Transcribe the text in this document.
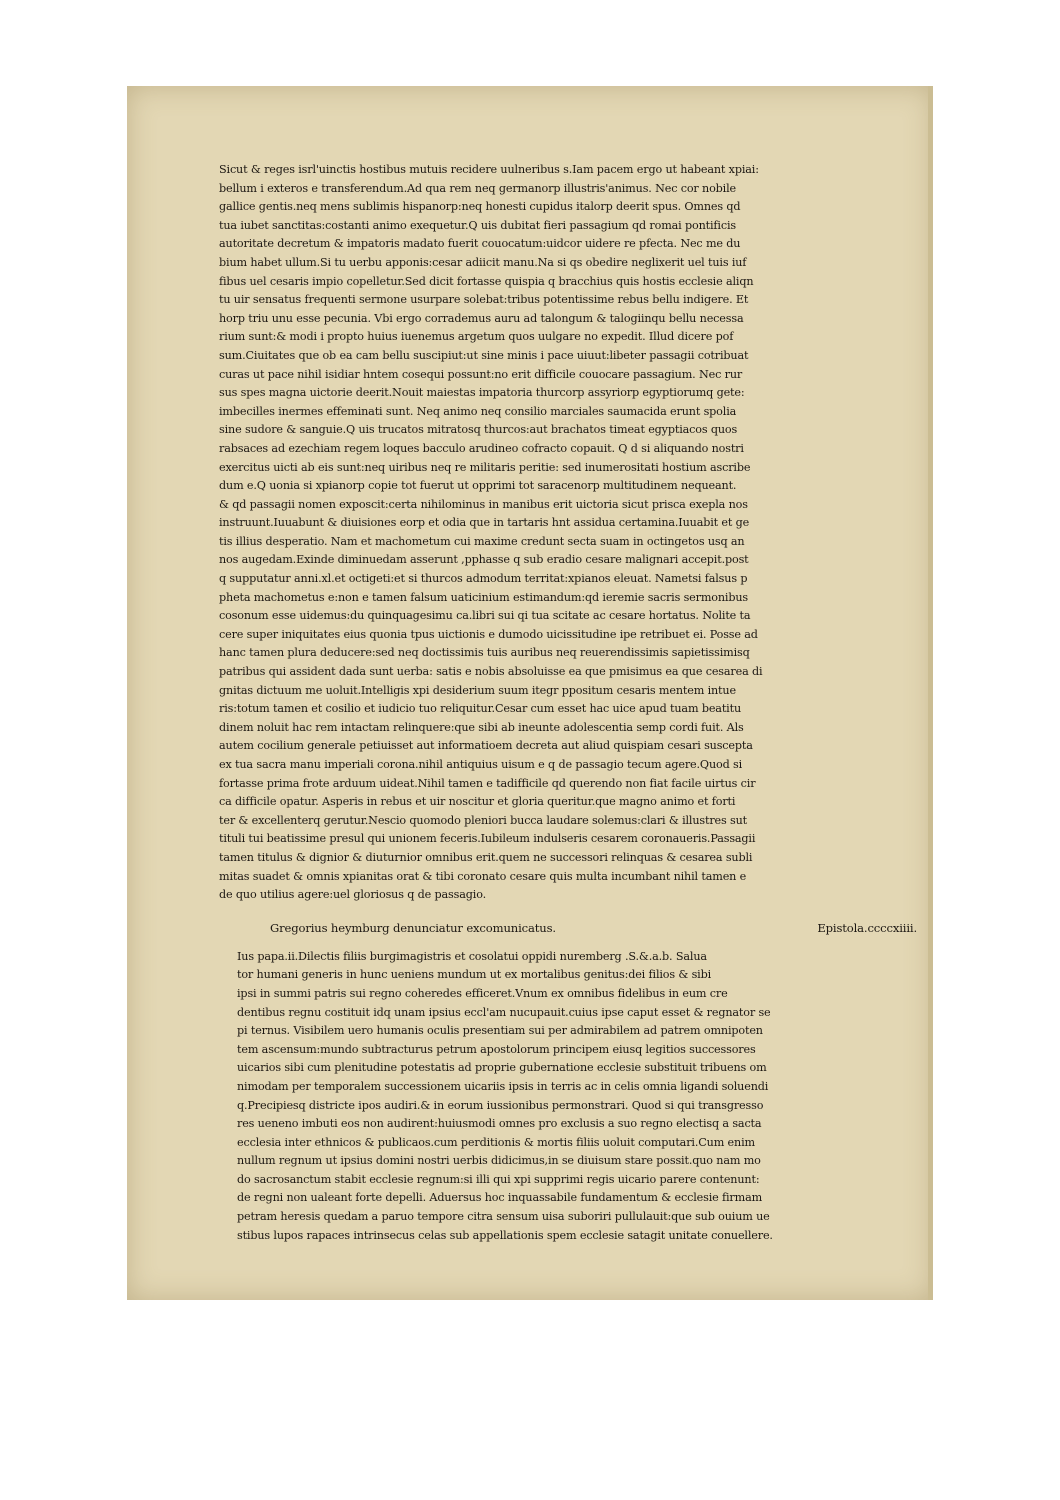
Sicut & reges isrl'uinctis hostibus mutuis recidere uulneribus s.Iam pacem ergo ut habeant xpiai:
bellum i exteros e transferendum.Ad qua rem neq germanorp illustris'animus. Nec cor nobile
gallice gentis.neq mens sublimis hispanorp:neq honesti cupidus italorp deerit spus. Omnes qd
tua iubet sanctitas:costanti animo exequetur.Q uis dubitat fieri passagium qd romai pontificis
autoritate decretum & impatoris madato fuerit couocatum:uidcor uidere re pfecta. Nec me du
bium habet ullum.Si tu uerbu apponis:cesar adiicit manu.Na si qs obedire neglixerit uel tuis iuf
fibus uel cesaris impio copelletur.Sed dicit fortasse quispia q bracchius quis hostis ecclesie aliqn
tu uir sensatus frequenti sermone usurpare solebat:tribus potentissime rebus bellu indigere. Et
horp triu unu esse pecunia. Vbi ergo corrademus auru ad talongum & talogiinqu bellu necessa
rium sunt:& modi i propto huius iuenemus argetum quos uulgare no expedit. Illud dicere pof
sum.Ciuitates que ob ea cam bellu suscipiut:ut sine minis i pace uiuut:libeter passagii cotribuat
curas ut pace nihil isidiar hntem cosequi possunt:no erit difficile couocare passagium. Nec rur
sus spes magna uictorie deerit.Nouit maiestas impatoria thurcorp assyriorp egyptiorumq gete:
imbecilles inermes effeminati sunt. Neq animo neq consilio marciales saumacida erunt spolia
sine sudore & sanguie.Q uis trucatos mitratosq thurcos:aut brachatos timeat egyptiacos quos
rabsaces ad ezechiam regem loques bacculo arudineo cofracto copauit. Q d si aliquando nostri
exercitus uicti ab eis sunt:neq uiribus neq re militaris peritie: sed inumerositati hostium ascribe
dum e.Q uonia si xpianorp copie tot fuerut ut opprimi tot saracenorp multitudinem nequeant.
& qd passagii nomen exposcit:certa nihilominus in manibus erit uictoria sicut prisca exepla nos
instruunt.Iuuabunt & diuisiones eorp et odia que in tartaris hnt assidua certamina.Iuuabit et ge
tis illius desperatio. Nam et machometum cui maxime credunt secta suam in octingetos usq an
nos augedam.Exinde diminuedam asserunt ,pphasse q sub eradio cesare malignari accepit.post
q supputatur anni.xl.et octigeti:et si thurcos admodum territat:xpianos eleuat. Nametsi falsus p
pheta machometus e:non e tamen falsum uaticinium estimandum:qd ieremie sacris sermonibus
cosonum esse uidemus:du quinquagesimu ca.libri sui qi tua scitate ac cesare hortatus. Nolite ta
cere super iniquitates eius quonia tpus uictionis e dumodo uicissitudine ipe retribuet ei. Posse ad
hanc tamen plura deducere:sed neq doctissimis tuis auribus neq reuerendissimis sapietissimisq
patribus qui assident dada sunt uerba: satis e nobis absoluisse ea que pmisimus ea que cesarea di
gnitas dictuum me uoluit.Intelligis xpi desiderium suum itegr ppositum cesaris mentem intue
ris:totum tamen et cosilio et iudicio tuo reliquitur.Cesar cum esset hac uice apud tuam beatitu
dinem noluit hac rem intactam relinquere:que sibi ab ineunte adolescentia semp cordi fuit. Als
autem cocilium generale petiuisset aut informatioem decreta aut aliud quispiam cesari suscepta
ex tua sacra manu imperiali corona.nihil antiquius uisum e q de passagio tecum agere.Quod si
fortasse prima frote arduum uideat.Nihil tamen e tadifficile qd querendo non fiat facile uirtus cir
ca difficile opatur. Asperis in rebus et uir noscitur et gloria queritur.que magno animo et forti
ter & excellenterq gerutur.Nescio quomodo pleniori bucca laudare solemus:clari & illustres sut
tituli tui beatissime presul qui unionem feceris.Iubileum indulseris cesarem coronaueris.Passagii
tamen titulus & dignior & diuturnior omnibus erit.quem ne successori relinquas & cesarea subli
mitas suadet & omnis xpianitas orat & tibi coronato cesare quis multa incumbant nihil tamen e
de quo utilius agere:uel gloriosus q de passagio.
Gregorius heymburg denunciatur excomunicatus.	Epistola.ccccxiiii.
Ius papa.ii.Dilectis filiis burgimagistris et cosolatui oppidi nuremberg .S.&.a.b. Salua
tor humani generis in hunc ueniens mundum ut ex mortalibus genitus:dei filios & sibi
ipsi in summi patris sui regno coheredes efficeret.Vnum ex omnibus fidelibus in eum cre
dentibus regnu costituit idq unam ipsius eccl'am nucupauit.cuius ipse caput esset & regnator se
pi ternus. Visibilem uero humanis oculis presentiam sui per admirabilem ad patrem omnipoten
tem ascensum:mundo subtracturus petrum apostolorum principem eiusq legitios successores
uicarios sibi cum plenitudine potestatis ad proprie gubernatione ecclesie substituit tribuens om
nimodam per temporalem successionem uicariis ipsis in terris ac in celis omnia ligandi soluendi
q.Precipiesq districte ipos audiri.& in eorum iussionibus permonstrari. Quod si qui transgresso
res ueneno imbuti eos non audirent:huiusmodi omnes pro exclusis a suo regno electisq a sacta
ecclesia inter ethnicos & publicaos.cum perditionis & mortis filiis uoluit computari.Cum enim
nullum regnum ut ipsius domini nostri uerbis didicimus,in se diuisum stare possit.quo nam mo
do sacrosanctum stabit ecclesie regnum:si illi qui xpi supprimi regis uicario parere contenunt:
de regni non ualeant forte depelli. Aduersus hoc inquassabile fundamentum & ecclesie firmam
petram heresis quedam a paruo tempore citra sensum uisa suboriri pullulauit:que sub ouium ue
stibus lupos rapaces intrinsecus celas sub appellationis spem ecclesie satagit unitate conuellere.
